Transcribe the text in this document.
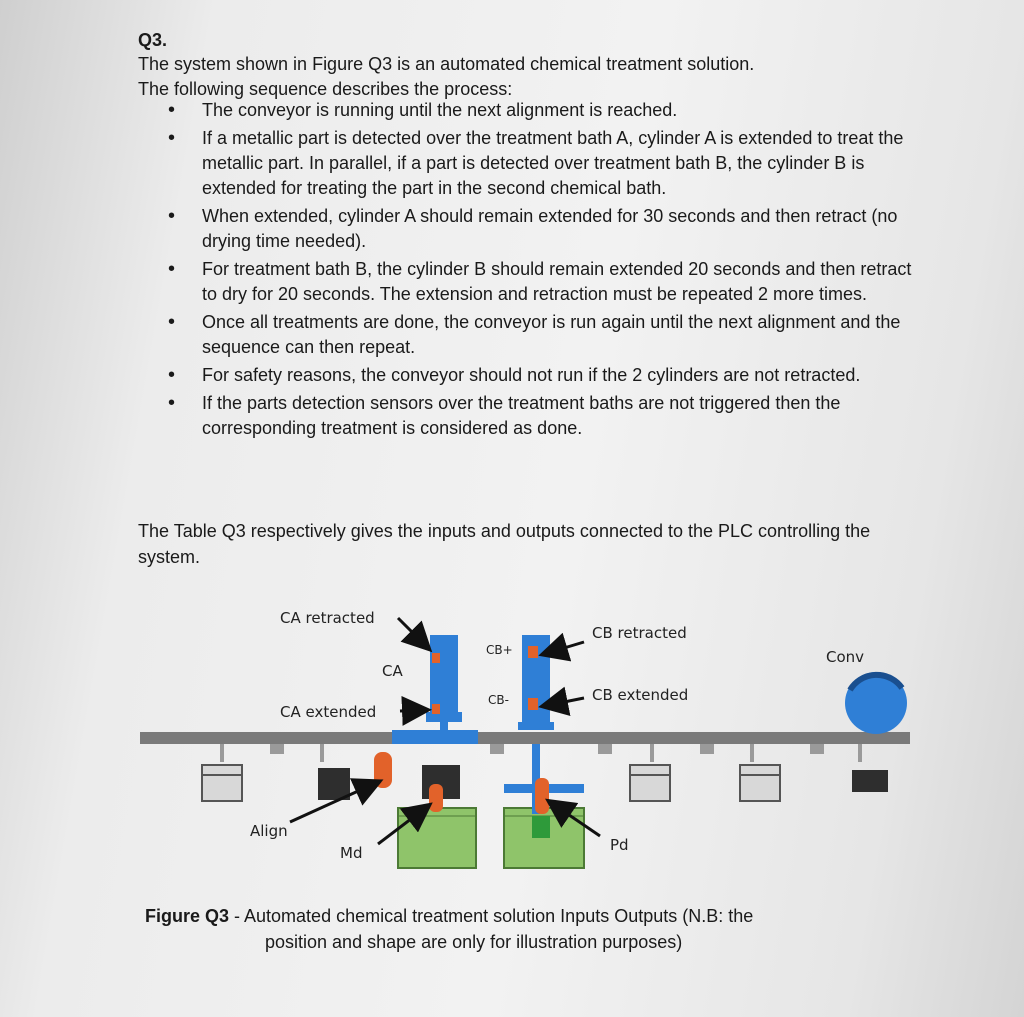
Q3.
The system shown in Figure Q3 is an automated chemical treatment solution.
The following sequence describes the process:
• The conveyor is running until the next alignment is reached.
• If a metallic part is detected over the treatment bath A, cylinder A is extended to treat the metallic part. In parallel, if a part is detected over treatment bath B, the cylinder B is extended for treating the part in the second chemical bath.
• When extended, cylinder A should remain extended for 30 seconds and then retract (no drying time needed).
• For treatment bath B, the cylinder B should remain extended 20 seconds and then retract to dry for 20 seconds. The extension and retraction must be repeated 2 more times.
• Once all treatments are done, the conveyor is run again until the next alignment and the sequence can then repeat.
• For safety reasons, the conveyor should not run if the 2 cylinders are not retracted.
• If the parts detection sensors over the treatment baths are not triggered then the corresponding treatment is considered as done.
The Table Q3 respectively gives the inputs and outputs connected to the PLC controlling the system.
CA retracted
CA
CA extended
CB+
CB-
CB retracted
CB extended
Conv
Align
Md	Pd
Figure Q3 - Automated chemical treatment solution Inputs Outputs (N.B: the
position and shape are only for illustration purposes)
